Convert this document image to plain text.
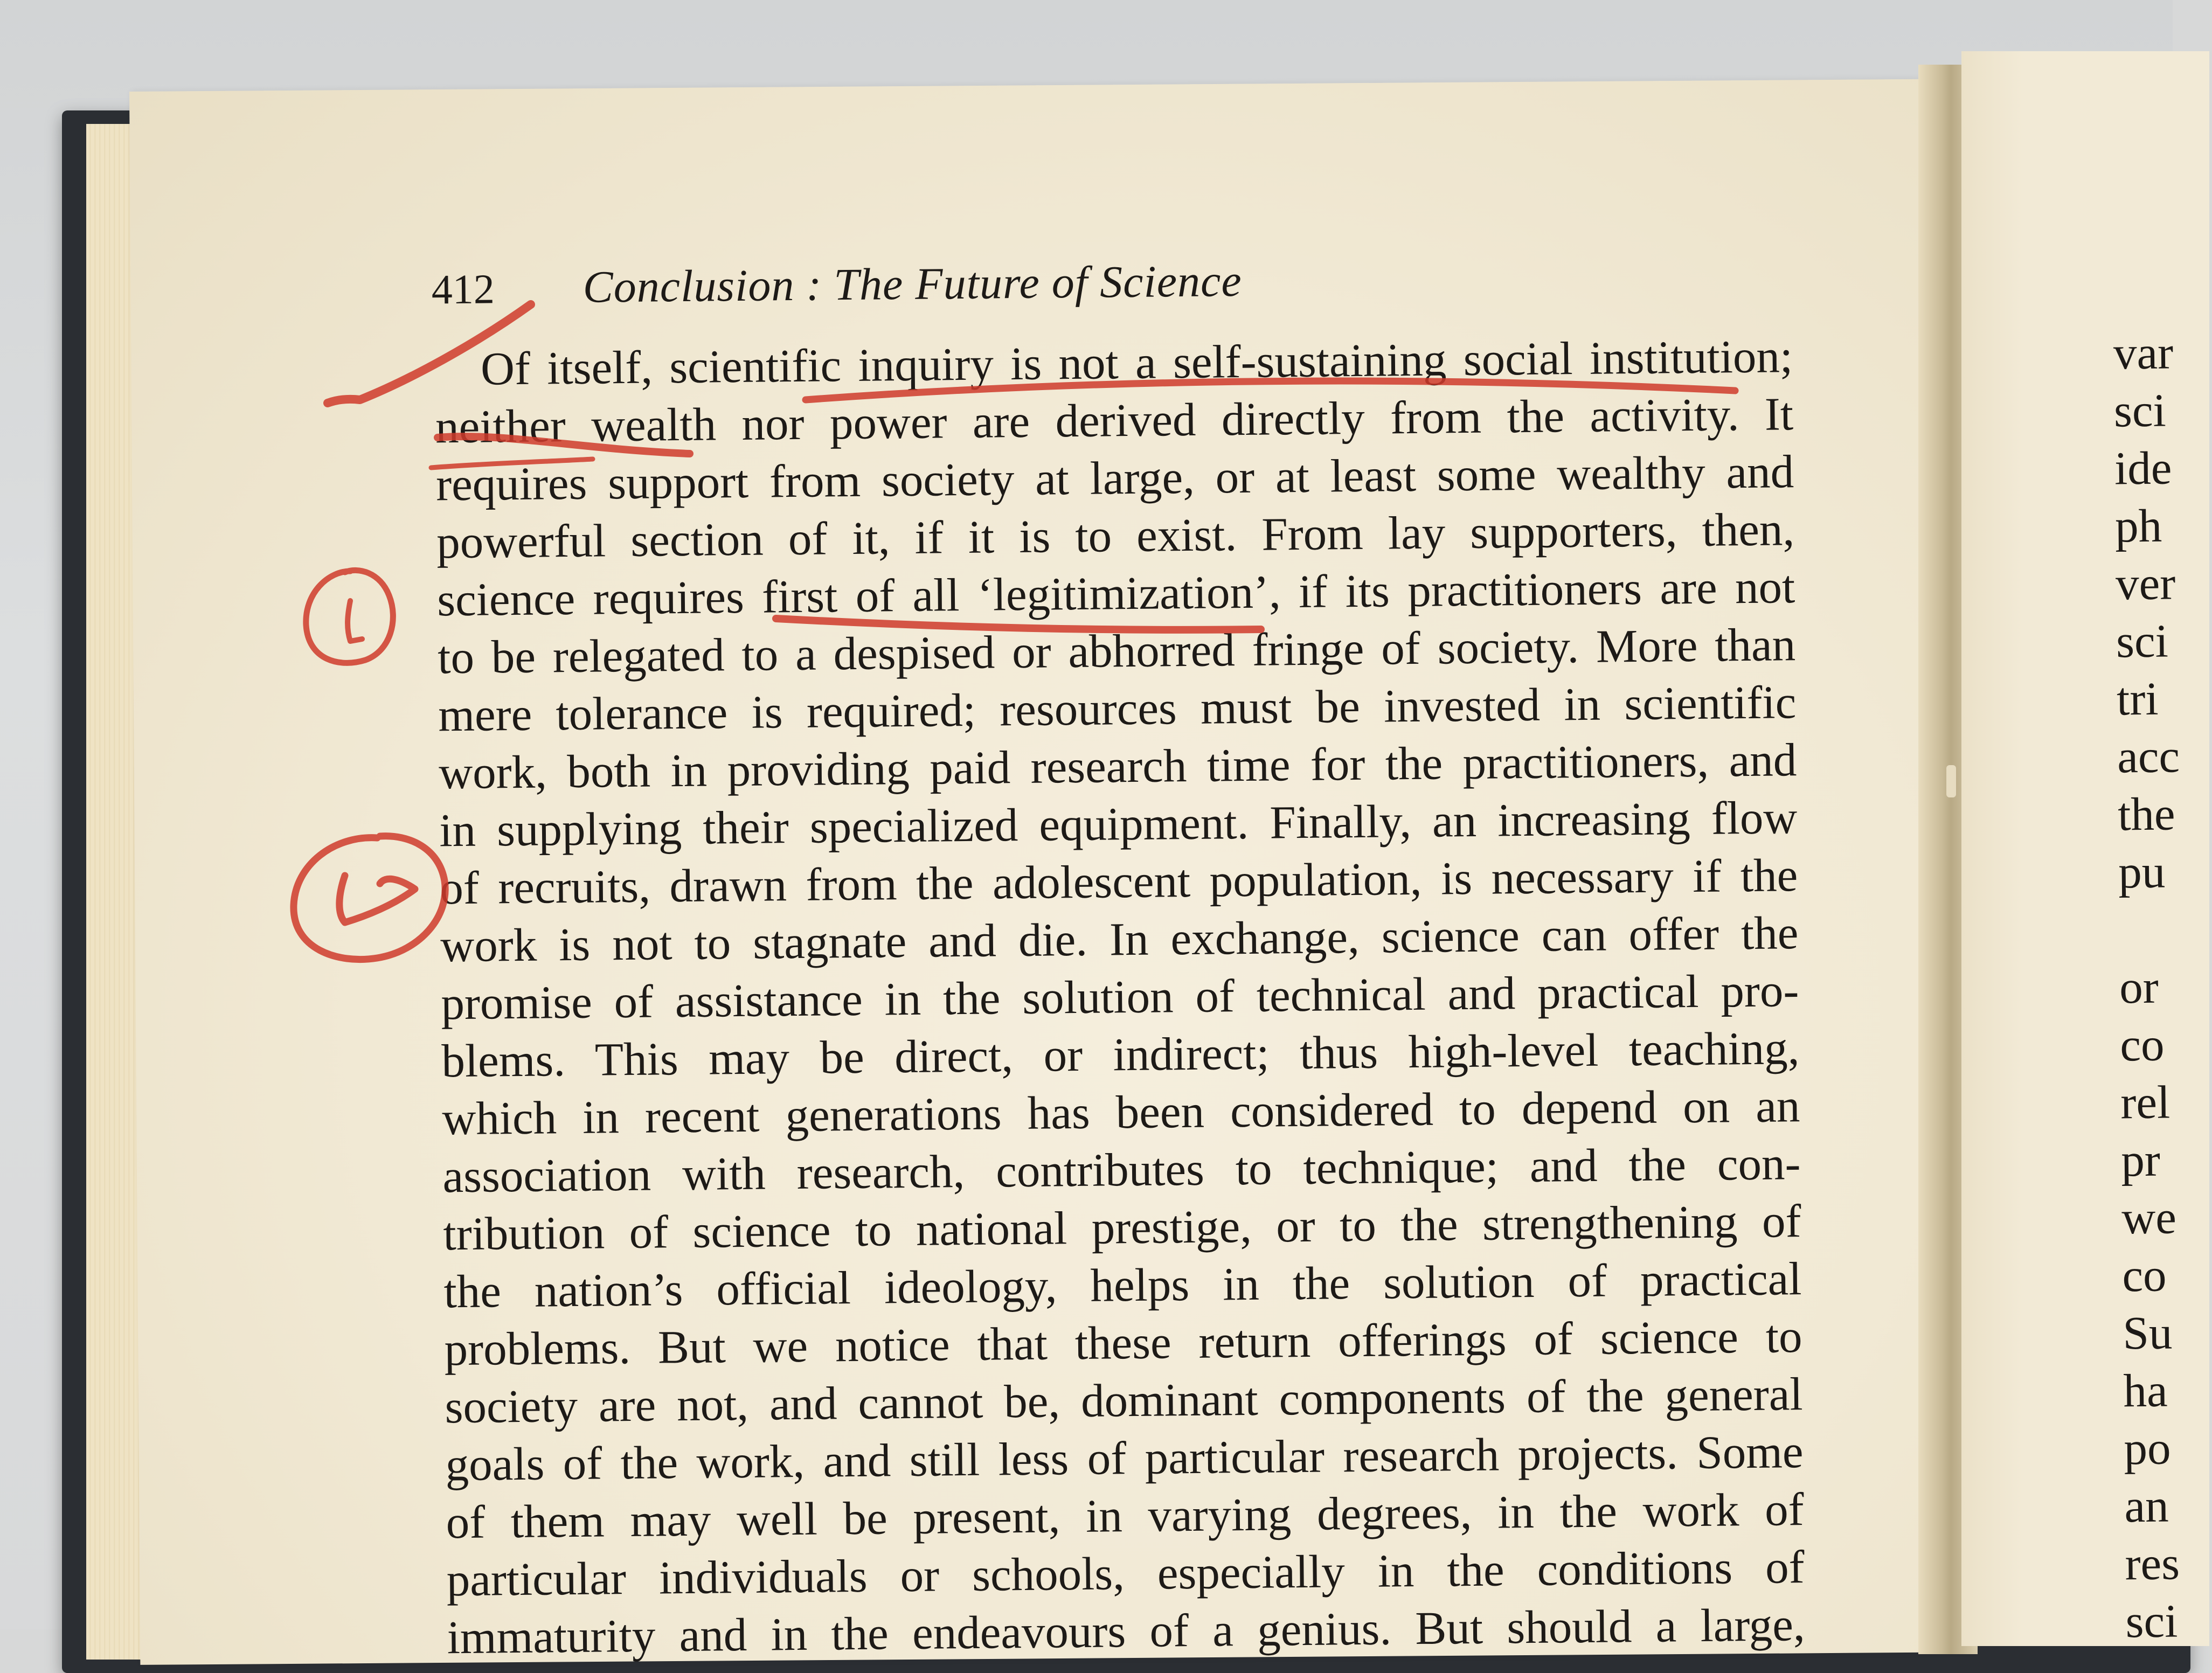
412 Conclusion : The Future of Science
Of itself, scientific inquiry is not a self-sustaining social institution;
neither wealth nor power are derived directly from the activity. It
requires support from society at large, or at least some wealthy and
powerful section of it, if it is to exist. From lay supporters, then,
science requires first of all ‘legitimization’, if its practitioners are not
to be relegated to a despised or abhorred fringe of society. More than
mere tolerance is required; resources must be invested in scientific
work, both in providing paid research time for the practitioners, and
in supplying their specialized equipment. Finally, an increasing flow
of recruits, drawn from the adolescent population, is necessary if the
work is not to stagnate and die. In exchange, science can offer the
promise of assistance in the solution of technical and practical pro-
blems. This may be direct, or indirect; thus high-level teaching,
which in recent generations has been considered to depend on an
association with research, contributes to technique; and the con-
tribution of science to national prestige, or to the strengthening of
the nation’s official ideology, helps in the solution of practical
problems. But we notice that these return offerings of science to
society are not, and cannot be, dominant components of the general
goals of the work, and still less of particular research projects. Some
of them may well be present, in varying degrees, in the work of
particular individuals or schools, especially in the conditions of
immaturity and in the endeavours of a genius. But should a large,
var
sci
ide
ph
ver
sci
tri
acc
the
pu
or
co
rel
pr
we
co
Su
ha
po
an
res
sci
